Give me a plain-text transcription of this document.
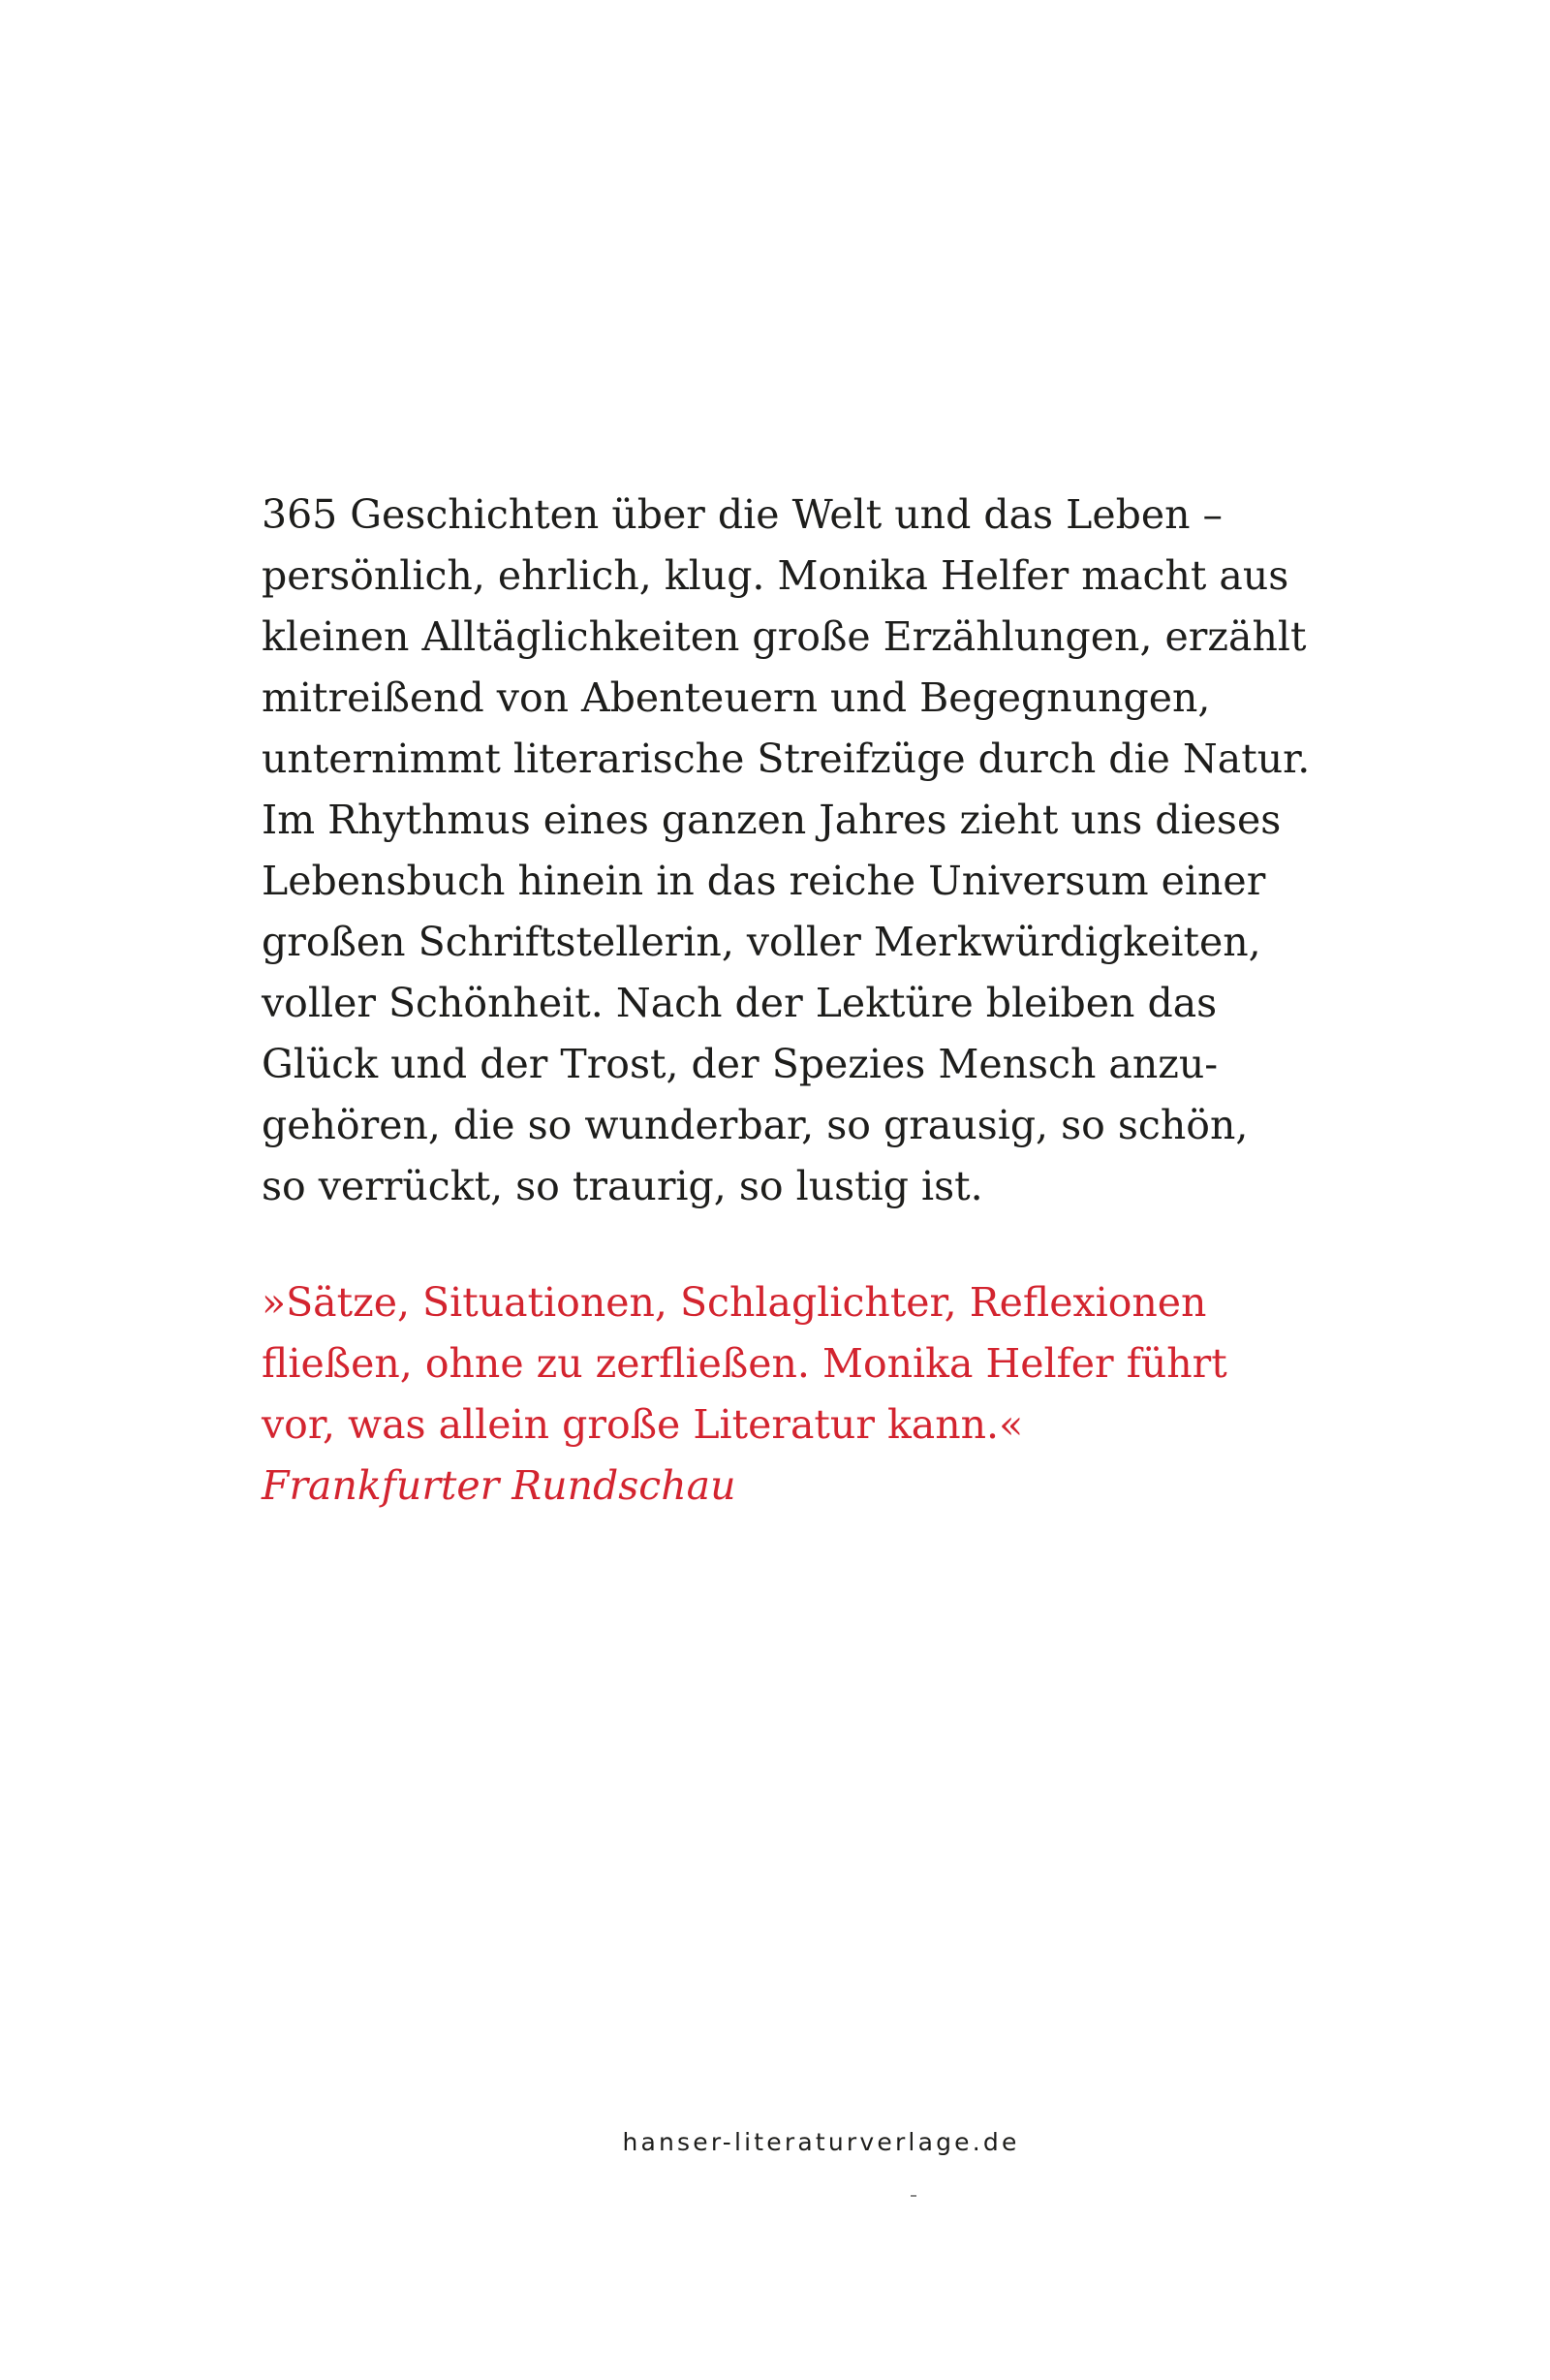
365 Geschichten über die Welt und das Leben –
persönlich, ehrlich, klug. Monika Helfer macht aus
kleinen Alltäglichkeiten große Erzählungen, erzählt
mitreißend von Abenteuern und Begegnungen,
unternimmt literarische Streifzüge durch die Natur.
Im Rhythmus eines ganzen Jahres zieht uns dieses
Lebensbuch hinein in das reiche Universum einer
großen Schriftstellerin, voller Merkwürdigkeiten,
voller Schönheit. Nach der Lektüre bleiben das
Glück und der Trost, der Spezies Mensch anzu-
gehören, die so wunderbar, so grausig, so schön,
so verrückt, so traurig, so lustig ist.

»Sätze, Situationen, Schlaglichter, Reflexionen
fließen, ohne zu zerfließen. Monika Helfer führt
vor, was allein große Literatur kann.«
Frankfurter Rundschau

hanser-literaturverlage.de
